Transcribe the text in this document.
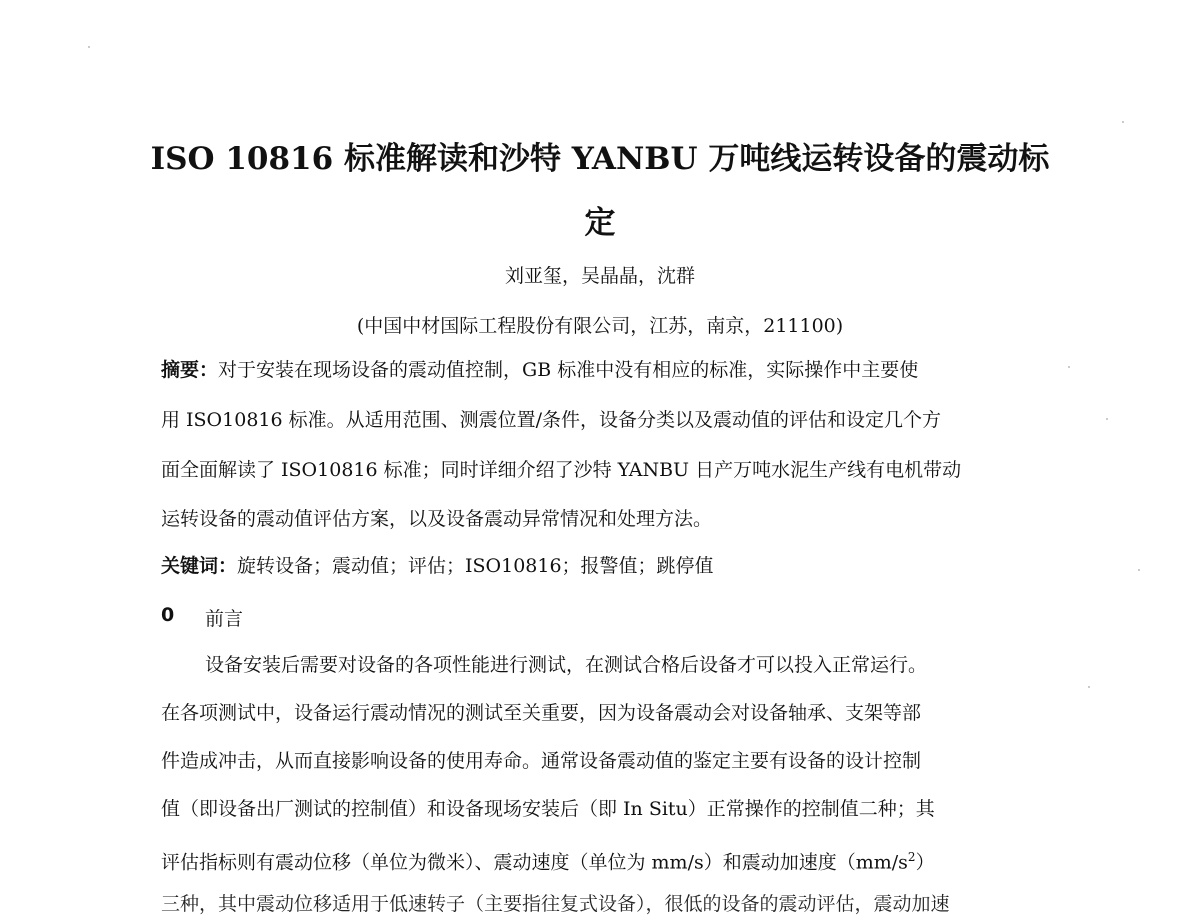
ISO 10816 标准解读和沙特 YANBU 万吨线运转设备的震动标
定
刘亚玺，吴晶晶，沈群
(中国中材国际工程股份有限公司，江苏，南京，211100)
摘要：对于安装在现场设备的震动值控制，GB 标准中没有相应的标准，实际操作中主要使
用 ISO10816 标准。从适用范围、测震位置/条件，设备分类以及震动值的评估和设定几个方
面全面解读了 ISO10816 标准；同时详细介绍了沙特 YANBU 日产万吨水泥生产线有电机带动
运转设备的震动值评估方案，以及设备震动异常情况和处理方法。
关键词：旋转设备；震动值；评估；ISO10816；报警值；跳停值
0 前言
设备安装后需要对设备的各项性能进行测试，在测试合格后设备才可以投入正常运行。
在各项测试中，设备运行震动情况的测试至关重要，因为设备震动会对设备轴承、支架等部
件造成冲击，从而直接影响设备的使用寿命。通常设备震动值的鉴定主要有设备的设计控制
值（即设备出厂测试的控制值）和设备现场安装后（即 In Situ）正常操作的控制值二种；其
评估指标则有震动位移（单位为微米）、震动速度（单位为 mm/s）和震动加速度$(mm/s^2)$
三种，其中震动位移适用于低速转子（主要指往复式设备），很低的设备的震动评估，震动加速
